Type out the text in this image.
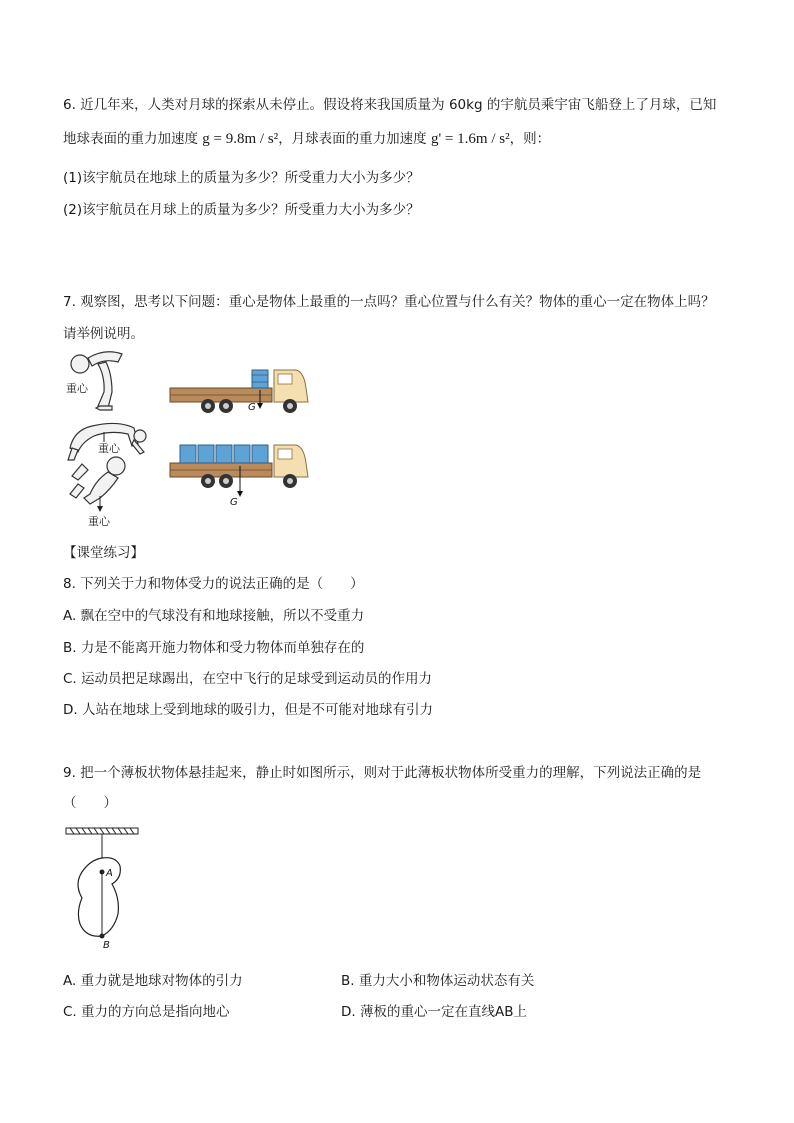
6. 近几年来，人类对月球的探索从未停止。假设将来我国质量为 60kg 的宇航员乘宇宙飞船登上了月球，已知
地球表面的重力加速度 g = 9.8m / s²，月球表面的重力加速度 g' = 1.6m / s²，则：
(1)该宇航员在地球上的质量为多少？所受重力大小为多少？
(2)该宇航员在月球上的质量为多少？所受重力大小为多少？
7. 观察图，思考以下问题：重心是物体上最重的一点吗？重心位置与什么有关？物体的重心一定在物体上吗？
请举例说明。
重心
重心
重心
G
G
【课堂练习】
8. 下列关于力和物体受力的说法正确的是（　　）
A. 飘在空中的气球没有和地球接触，所以不受重力
B. 力是不能离开施力物体和受力物体而单独存在的
C. 运动员把足球踢出，在空中飞行的足球受到运动员的作用力
D. 人站在地球上受到地球的吸引力，但是不可能对地球有引力
9. 把一个薄板状物体悬挂起来，静止时如图所示，则对于此薄板状物体所受重力的理解，下列说法正确的是
（　　）
A
B
A. 重力就是地球对物体的引力	B. 重力大小和物体运动状态有关
C. 重力的方向总是指向地心	D. 薄板的重心一定在直线AB上
